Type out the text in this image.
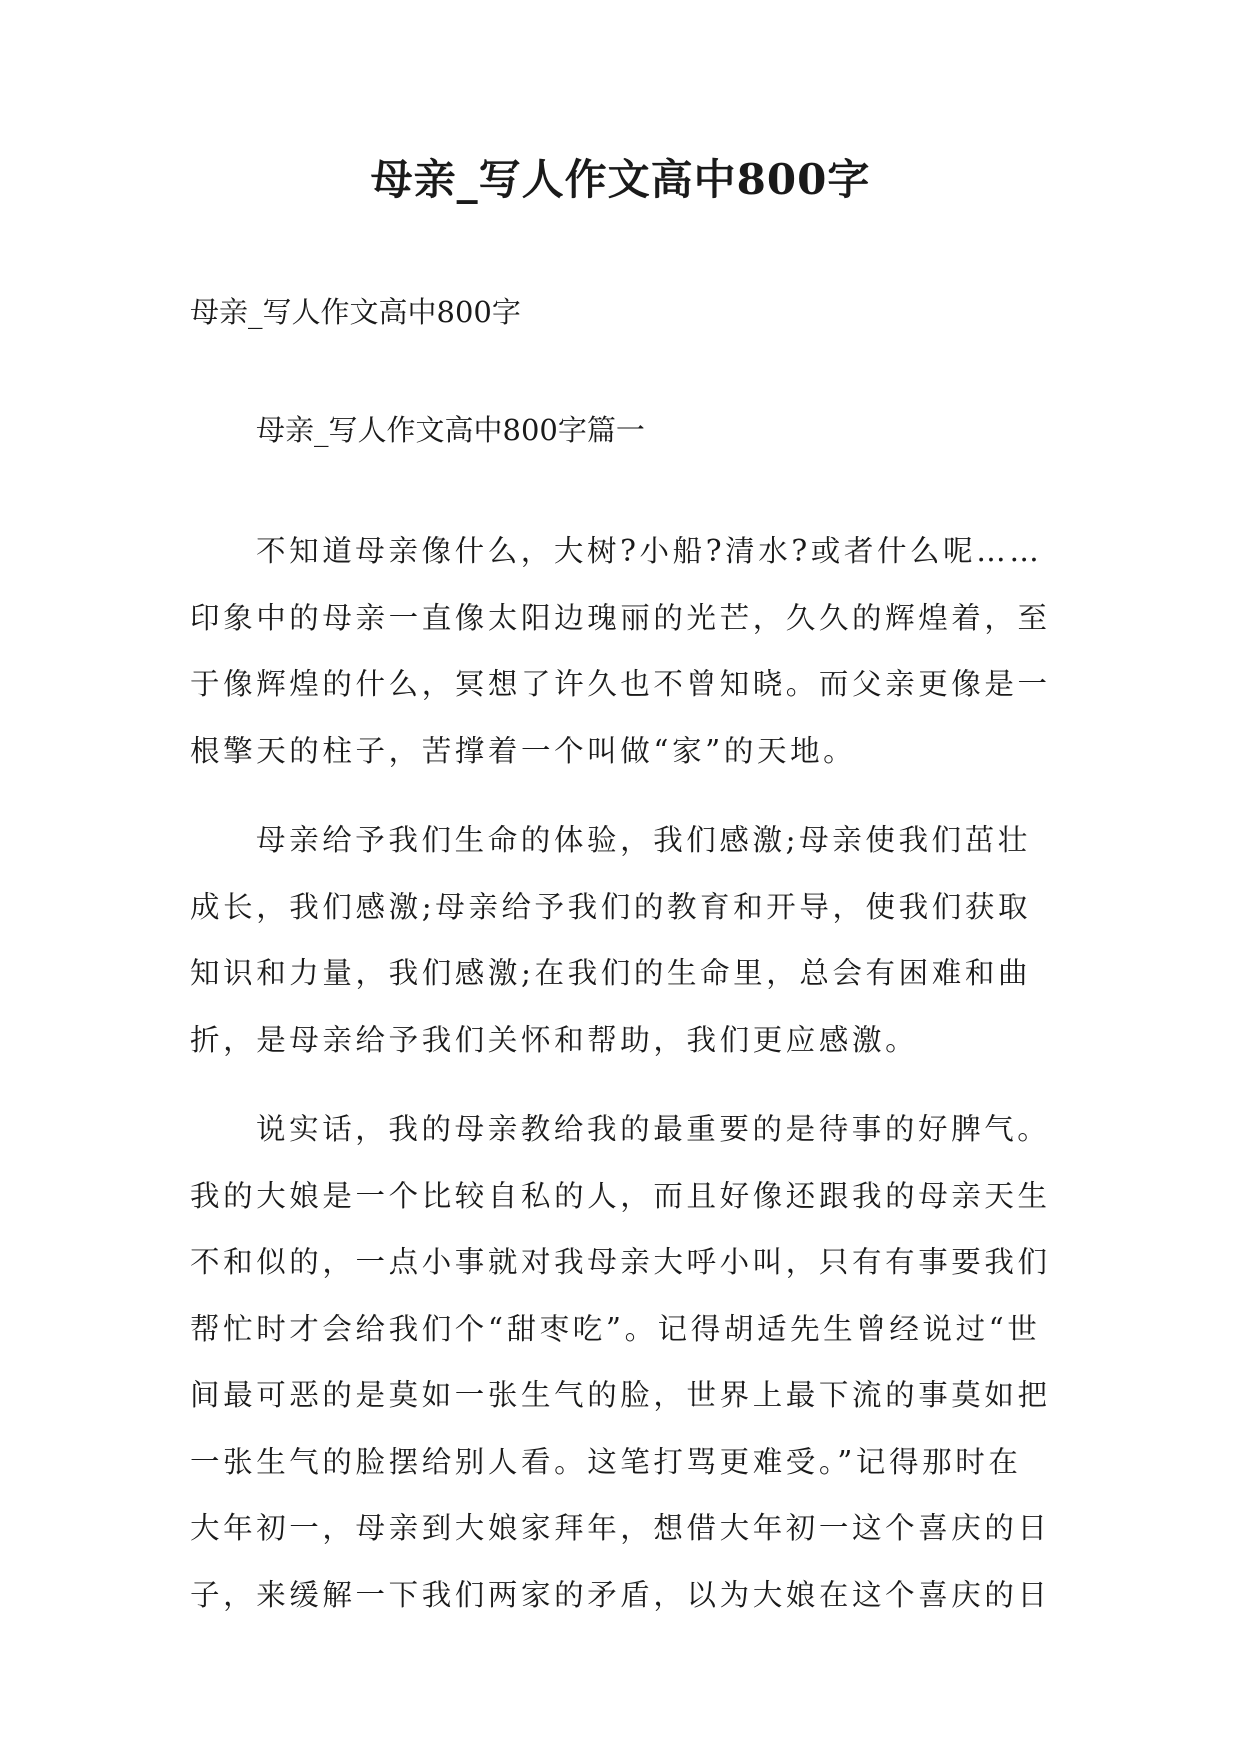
母亲_写人作文高中800字

母亲_写人作文高中800字

母亲_写人作文高中800字篇一

不知道母亲像什么，大树?小船?清水?或者什么呢……
印象中的母亲一直像太阳边瑰丽的光芒，久久的辉煌着，至
于像辉煌的什么，冥想了许久也不曾知晓。而父亲更像是一
根擎天的柱子，苦撑着一个叫做“家”的天地。

母亲给予我们生命的体验，我们感激;母亲使我们茁壮
成长，我们感激;母亲给予我们的教育和开导，使我们获取
知识和力量，我们感激;在我们的生命里，总会有困难和曲
折，是母亲给予我们关怀和帮助，我们更应感激。

说实话，我的母亲教给我的最重要的是待事的好脾气。
我的大娘是一个比较自私的人，而且好像还跟我的母亲天生
不和似的，一点小事就对我母亲大呼小叫，只有有事要我们
帮忙时才会给我们个“甜枣吃”。记得胡适先生曾经说过“世
间最可恶的是莫如一张生气的脸，世界上最下流的事莫如把
一张生气的脸摆给别人看。这笔打骂更难受。”记得那时在
大年初一，母亲到大娘家拜年，想借大年初一这个喜庆的日
子，来缓解一下我们两家的矛盾，以为大娘在这个喜庆的日
